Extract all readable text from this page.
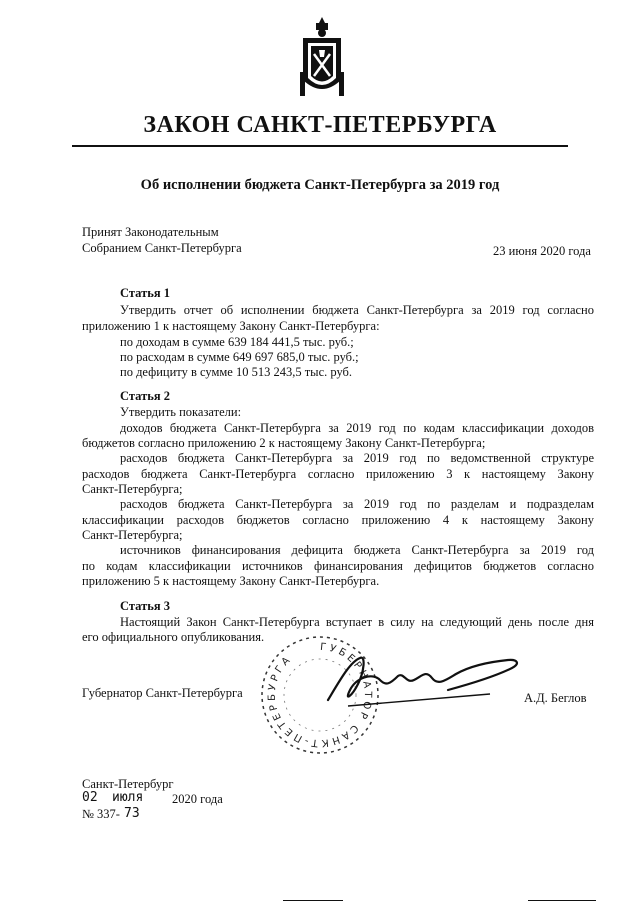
ЗАКОН САНКТ-ПЕТЕРБУРГА
Об исполнении бюджета Санкт-Петербурга за 2019 год
Принят Законодательным
Собранием Санкт-Петербурга	23 июня 2020 года
Статья 1
Утвердить отчет об исполнении бюджета Санкт-Петербурга за 2019 год согласно
приложению 1 к настоящему Закону Санкт-Петербурга:
по доходам в сумме 639 184 441,5 тыс. руб.;
по расходам в сумме 649 697 685,0 тыс. руб.;
по дефициту в сумме 10 513 243,5 тыс. руб.
Статья 2
Утвердить показатели:
доходов бюджета Санкт-Петербурга за 2019 год по кодам классификации доходов
бюджетов согласно приложению 2 к настоящему Закону Санкт-Петербурга;
расходов бюджета Санкт-Петербурга за 2019 год по ведомственной структуре
расходов бюджета Санкт-Петербурга согласно приложению 3 к настоящему Закону
Санкт-Петербурга;
расходов бюджета Санкт-Петербурга за 2019 год по разделам и подразделам
классификации расходов бюджетов согласно приложению 4 к настоящему Закону
Санкт-Петербурга;
источников финансирования дефицита бюджета Санкт-Петербурга за 2019 год
по кодам классификации источников финансирования дефицитов бюджетов согласно
приложению 5 к настоящему Закону Санкт-Петербурга.
Статья 3
Настоящий Закон Санкт-Петербурга вступает в силу на следующий день после дня
его официального опубликования.
Губернатор Санкт-Петербурга	А.Д. Беглов
ГУБЕРНАТОР САНКТ-ПЕТЕРБУРГА
Санкт-Петербург
02 июля 2020 года
№ 337- 73
